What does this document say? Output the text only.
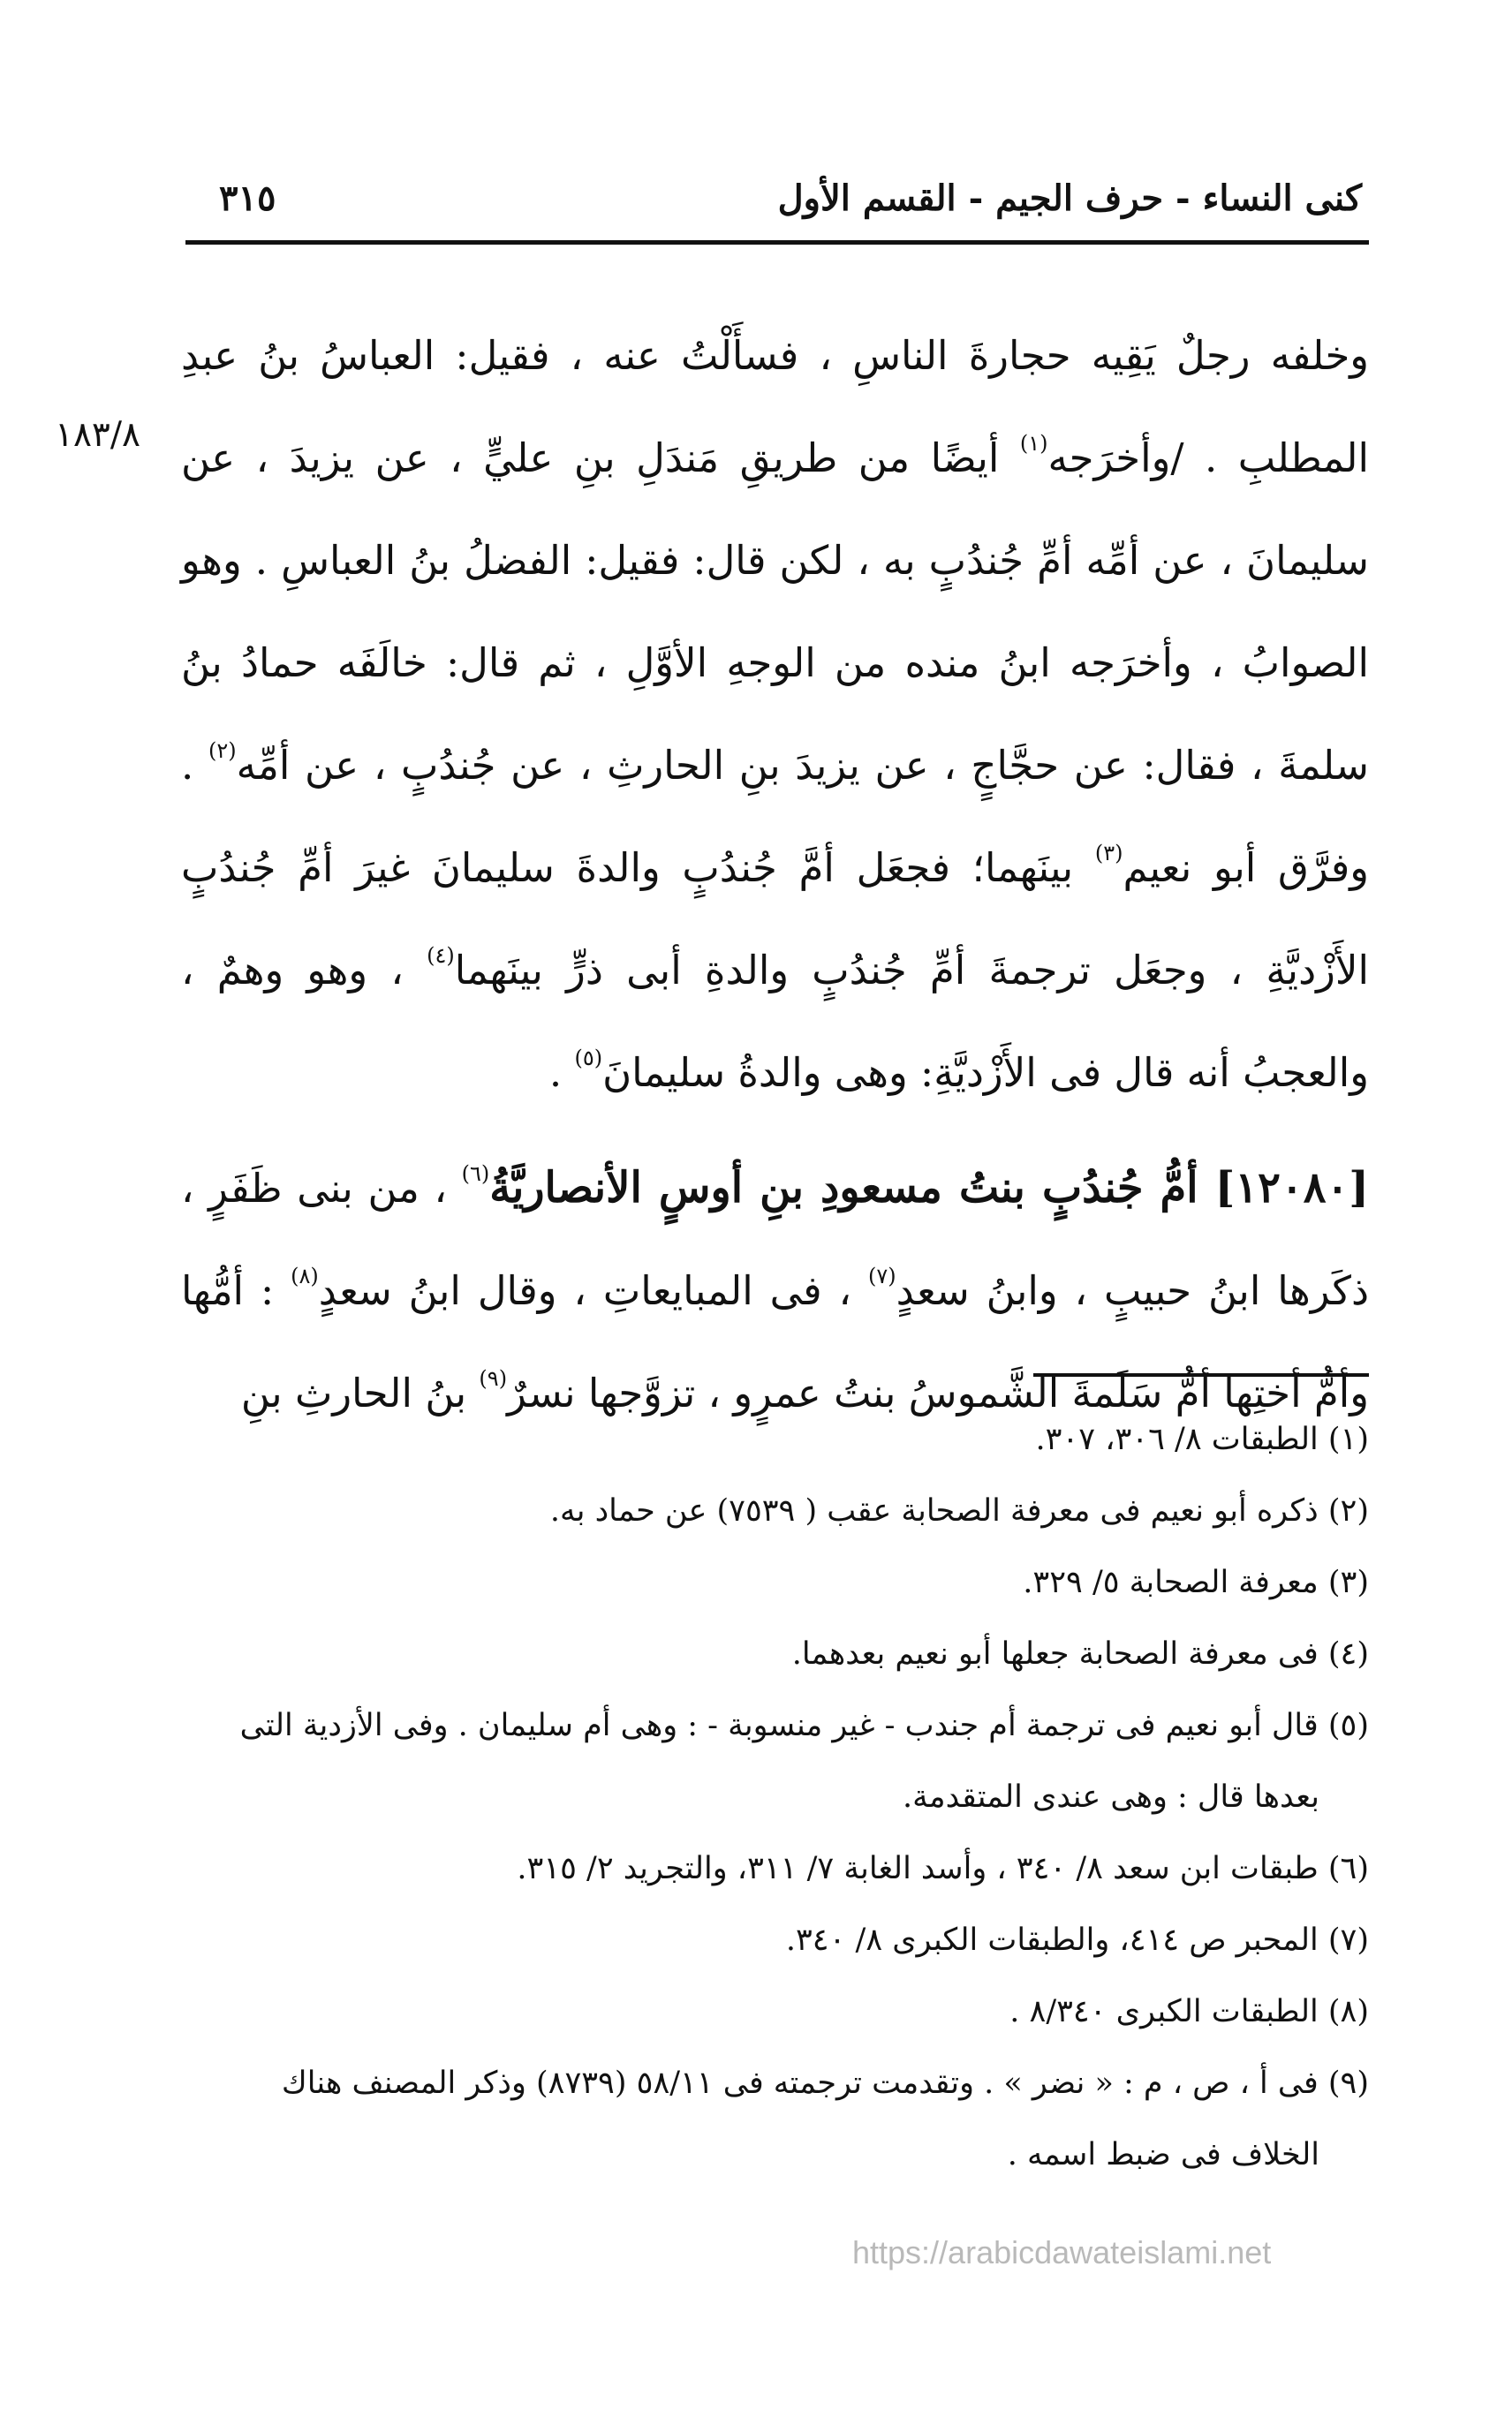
كنى النساء - حرف الجيم - القسم الأول
٣١٥
١٨٣/٨

وخلفه رجلٌ يَقِيه حجارةَ الناسِ ، فسأَلْتُ عنه ، فقيل: العباسُ بنُ عبدِ المطلبِ . /وأخرَجه$^{(١)}$ أيضًا من طريقِ مَندَلِ بنِ عليٍّ ، عن يزيدَ ، عن سليمانَ ، عن أمِّه أمِّ جُندُبٍ به ، لكن قال: فقيل: الفضلُ بنُ العباسِ . وهو الصوابُ ، وأخرَجه ابنُ منده من الوجهِ الأوَّلِ ، ثم قال: خالَفَه حمادُ بنُ سلمةَ ، فقال: عن حجَّاجٍ ، عن يزيدَ بنِ الحارثِ ، عن جُندُبٍ ، عن أمِّه$^{(٢)}$ . وفرَّق أبو نعيم$^{(٣)}$ بينَهما؛ فجعَل أمَّ جُندُبٍ والدةَ سليمانَ غيرَ أمِّ جُندُبٍ الأَزْديَّةِ ، وجعَل ترجمةَ أمِّ جُندُبٍ والدةِ أبى ذرٍّ بينَهما$^{(٤)}$ ، وهو وهمٌ ، والعجبُ أنه قال فى الأَزْديَّةِ: وهى والدةُ سليمانَ$^{(٥)}$ .

[١٢٠٨٠] أمُّ جُندُبٍ بنتُ مسعودِ بنِ أوسٍ الأنصاريَّةُ$^{(٦)}$ ، من بنى ظَفَرٍ ، ذكَرها ابنُ حبيبٍ ، وابنُ سعدٍ$^{(٧)}$ ، فى المبايعاتِ ، وقال ابنُ سعدٍ$^{(٨)}$ : أمُّها وأمُّ أختِها أمُّ سَلَمةَ الشَّموسُ بنتُ عمرٍو ، تزوَّجها نسرٌ$^{(٩)}$ بنُ الحارثِ بنِ

(١) الطبقات ٨/ ٣٠٦، ٣٠٧.

(٢) ذكره أبو نعيم فى معرفة الصحابة عقب ( ٧٥٣٩) عن حماد به.

(٣) معرفة الصحابة ٥/ ٣٢٩.

(٤) فى معرفة الصحابة جعلها أبو نعيم بعدهما.

(٥) قال أبو نعيم فى ترجمة أم جندب - غير منسوبة - : وهى أم سليمان . وفى الأزدية التى

بعدها قال : وهى عندى المتقدمة.

(٦) طبقات ابن سعد ٨/ ٣٤٠ ، وأسد الغابة ٧/ ٣١١، والتجريد ٢/ ٣١٥.

(٧) المحبر ص ٤١٤، والطبقات الكبرى ٨/ ٣٤٠.

(٨) الطبقات الكبرى ٨/٣٤٠ .

(٩) فى أ ، ص ، م : « نضر » . وتقدمت ترجمته فى ٥٨/١١ (٨٧٣٩) وذكر المصنف هناك

الخلاف فى ضبط اسمه .

https://arabicdawateislami.net
